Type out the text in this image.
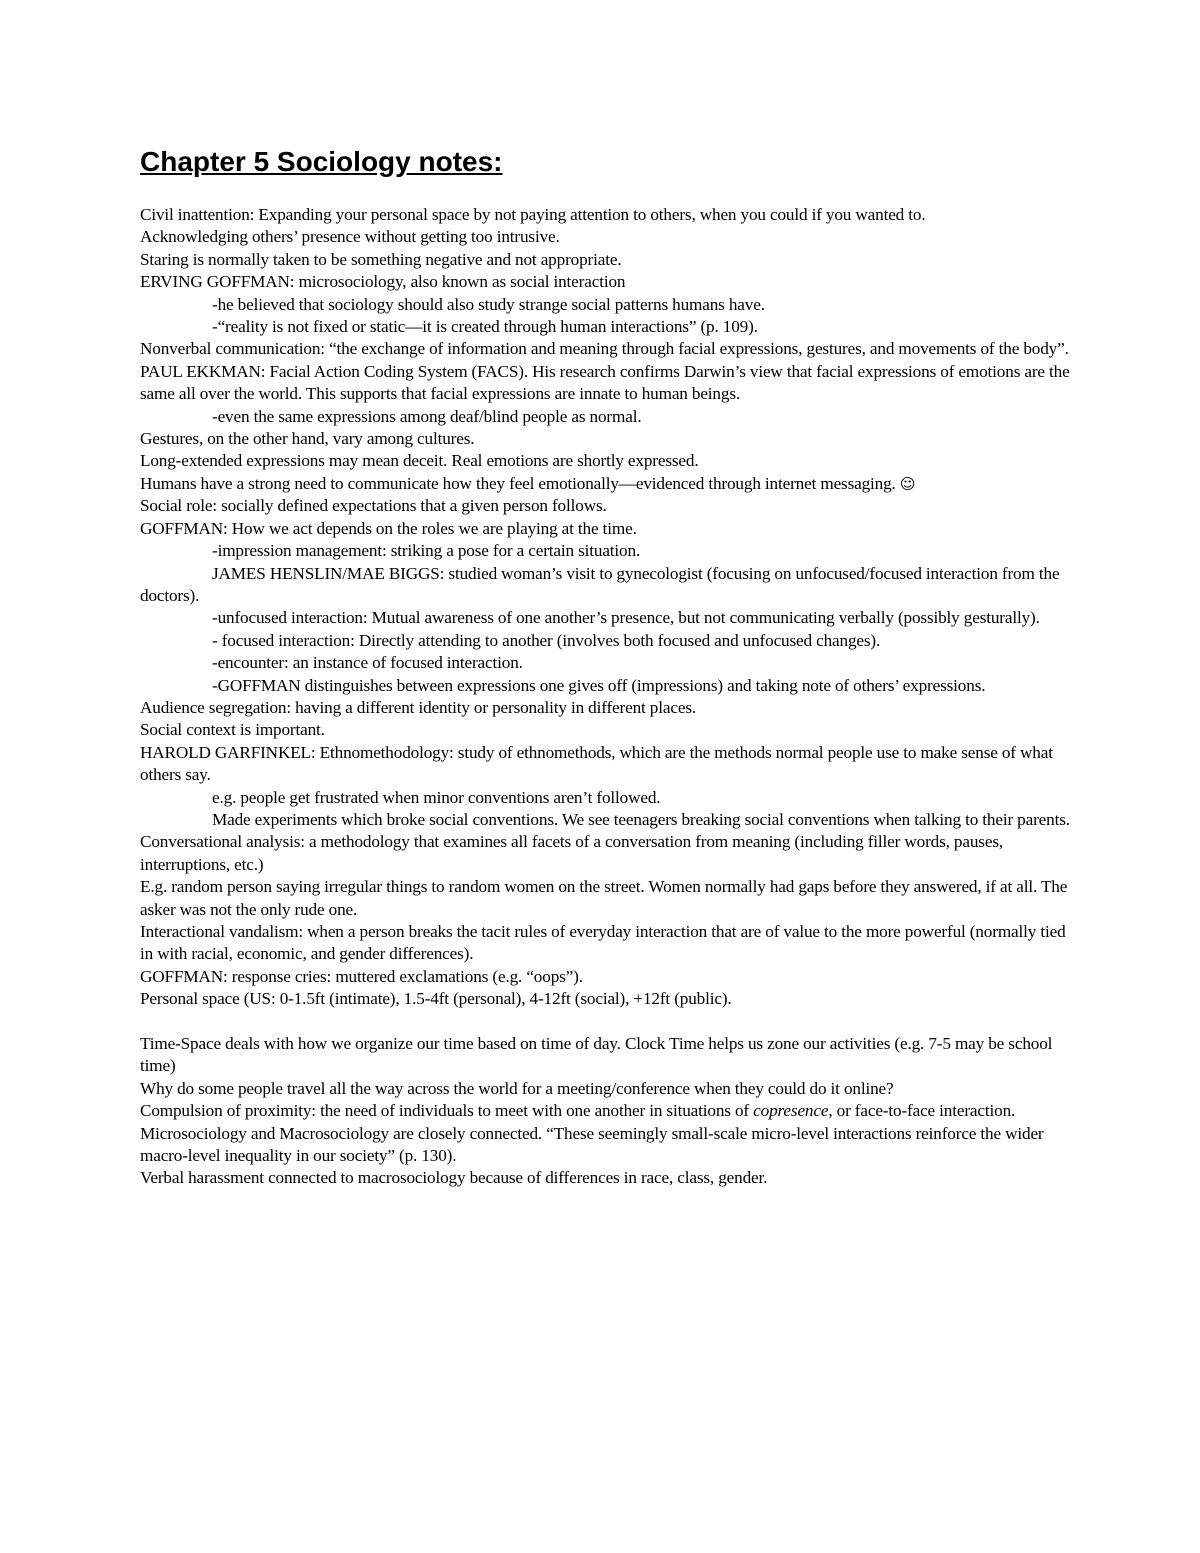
Chapter 5 Sociology notes:

Civil inattention: Expanding your personal space by not paying attention to others, when you could if you wanted to.

Acknowledging others’ presence without getting too intrusive.

Staring is normally taken to be something negative and not appropriate.

ERVING GOFFMAN: microsociology, also known as social interaction

-he believed that sociology should also study strange social patterns humans have.

-“reality is not fixed or static—it is created through human interactions” (p. 109).

Nonverbal communication: “the exchange of information and meaning through facial expressions, gestures, and movements of the body”.

PAUL EKKMAN: Facial Action Coding System (FACS). His research confirms Darwin’s view that facial expressions of emotions are the same all over the world. This supports that facial expressions are innate to human beings.

-even the same expressions among deaf/blind people as normal.

Gestures, on the other hand, vary among cultures.

Long-extended expressions may mean deceit. Real emotions are shortly expressed.

Humans have a strong need to communicate how they feel emotionally—evidenced through internet messaging. ☺

Social role: socially defined expectations that a given person follows.

GOFFMAN: How we act depends on the roles we are playing at the time.

-impression management: striking a pose for a certain situation.

JAMES HENSLIN/MAE BIGGS: studied woman’s visit to gynecologist (focusing on unfocused/focused interaction from the doctors).

-unfocused interaction: Mutual awareness of one another’s presence, but not communicating verbally (possibly gesturally).

- focused interaction: Directly attending to another (involves both focused and unfocused changes).

-encounter: an instance of focused interaction.

-GOFFMAN distinguishes between expressions one gives off (impressions) and taking note of others’ expressions.

Audience segregation: having a different identity or personality in different places.

Social context is important.

HAROLD GARFINKEL: Ethnomethodology: study of ethnomethods, which are the methods normal people use to make sense of what others say.

e.g. people get frustrated when minor conventions aren’t followed.

Made experiments which broke social conventions. We see teenagers breaking social conventions when talking to their parents.

Conversational analysis: a methodology that examines all facets of a conversation from meaning (including filler words, pauses, interruptions, etc.)

E.g. random person saying irregular things to random women on the street. Women normally had gaps before they answered, if at all. The asker was not the only rude one.

Interactional vandalism: when a person breaks the tacit rules of everyday interaction that are of value to the more powerful (normally tied in with racial, economic, and gender differences).

GOFFMAN: response cries: muttered exclamations (e.g. “oops”).

Personal space (US: 0-1.5ft (intimate), 1.5-4ft (personal), 4-12ft (social), +12ft (public).

Time-Space deals with how we organize our time based on time of day. Clock Time helps us zone our activities (e.g. 7-5 may be school time)

Why do some people travel all the way across the world for a meeting/conference when they could do it online?

Compulsion of proximity: the need of individuals to meet with one another in situations of copresence, or face-to-face interaction.

Microsociology and Macrosociology are closely connected. “These seemingly small-scale micro-level interactions reinforce the wider macro-level inequality in our society” (p. 130).

Verbal harassment connected to macrosociology because of differences in race, class, gender.
